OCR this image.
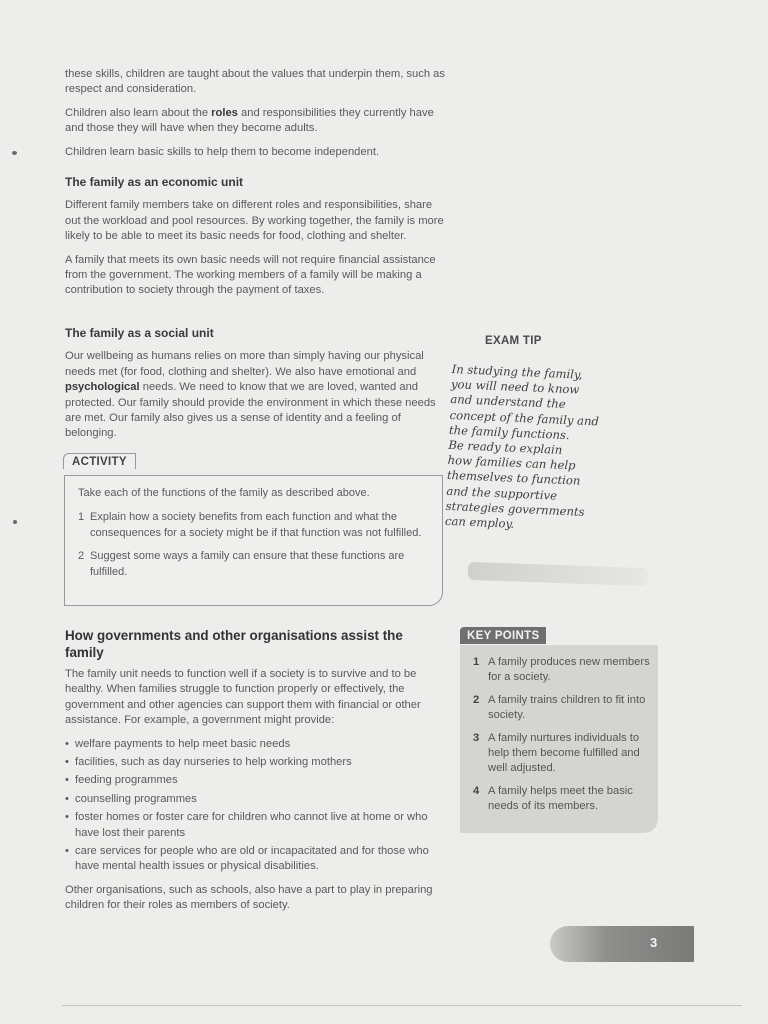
these skills, children are taught about the values that underpin them, such as respect and consideration.

Children also learn about the roles and responsibilities they currently have and those they will have when they become adults.

Children learn basic skills to help them to become independent.

The family as an economic unit

Different family members take on different roles and responsibilities, share out the workload and pool resources. By working together, the family is more likely to be able to meet its basic needs for food, clothing and shelter.

A family that meets its own basic needs will not require financial assistance from the government. The working members of a family will be making a contribution to society through the payment of taxes.

The family as a social unit

Our wellbeing as humans relies on more than simply having our physical needs met (for food, clothing and shelter). We also have emotional and psychological needs. We need to know that we are loved, wanted and protected. Our family should provide the environment in which these needs are met. Our family also gives us a sense of identity and a feeling of belonging.

ACTIVITY

Take each of the functions of the family as described above.

1 Explain how a society benefits from each function and what the consequences for a society might be if that function was not fulfilled.
2 Suggest some ways a family can ensure that these functions are fulfilled.
How governments and other organisations assist the family

The family unit needs to function well if a society is to survive and to be healthy. When families struggle to function properly or effectively, the government and other agencies can support them with financial or other assistance. For example, a government might provide:

• welfare payments to help meet basic needs
• facilities, such as day nurseries to help working mothers
• feeding programmes
• counselling programmes
• foster homes or foster care for children who cannot live at home or who have lost their parents
• care services for people who are old or incapacitated and for those who have mental health issues or physical disabilities.

Other organisations, such as schools, also have a part to play in preparing children for their roles as members of society.

EXAM TIP
In studying the family,
you will need to know
and understand the
concept of the family and
the family functions.
Be ready to explain
how families can help
themselves to function
and the supportive
strategies governments
can employ.
KEY POINTS
1 A family produces new members for a society.
2 A family trains children to fit into society.
3 A family nurtures individuals to help them become fulfilled and well adjusted.
4 A family helps meet the basic needs of its members.
3
